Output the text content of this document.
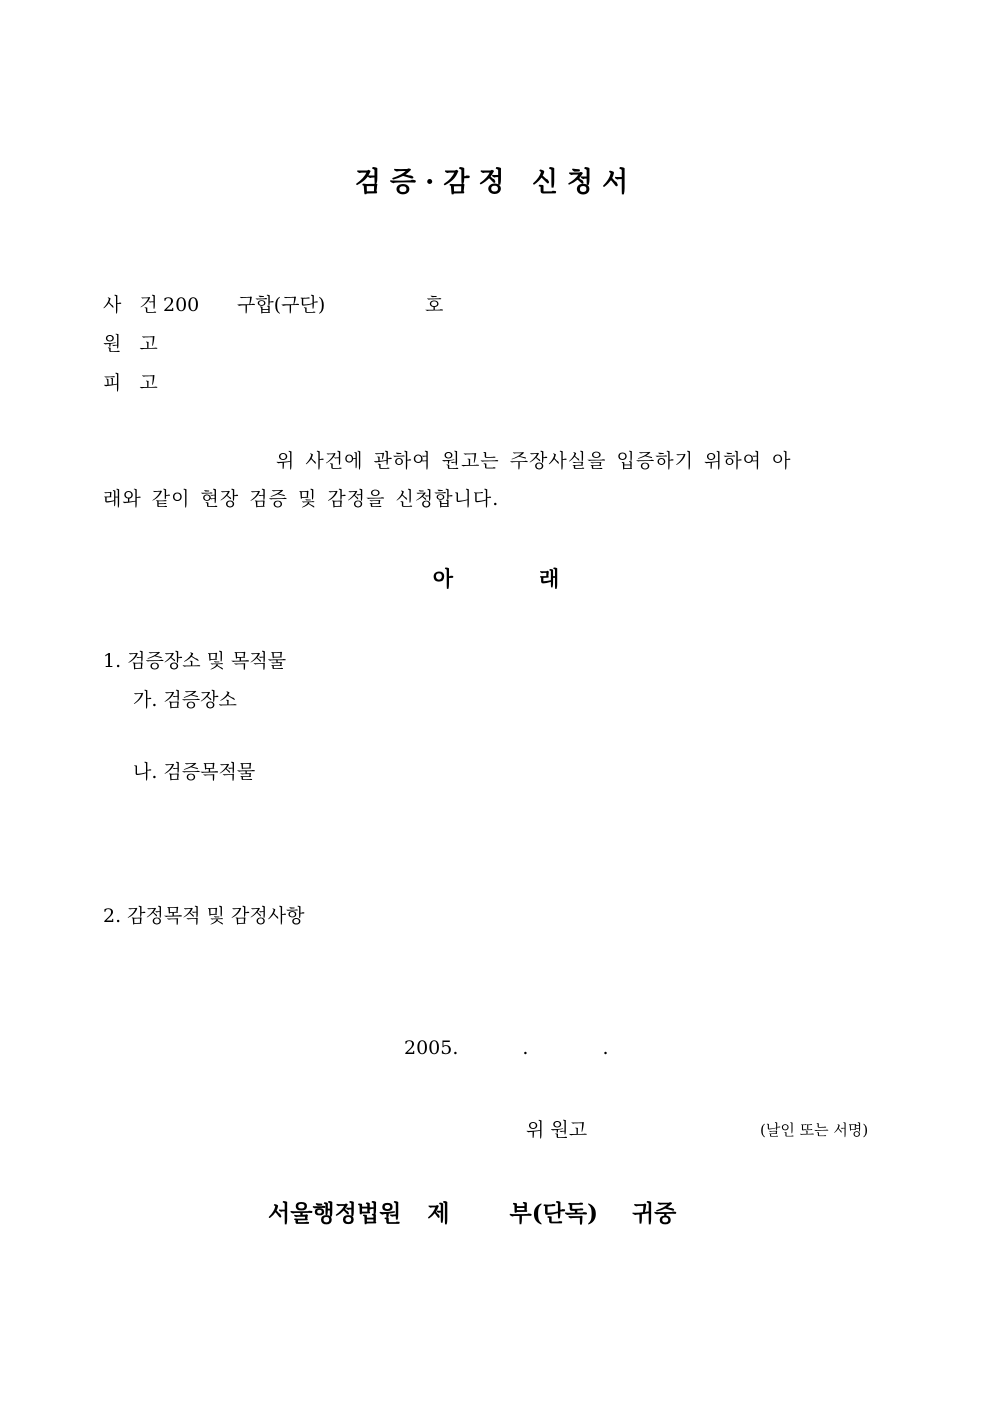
검증·감정 신청서
사 건200 구합(구단)	호
원 고
피 고
위 사건에 관하여 원고는 주장사실을 입증하기 위하여 아
래와 같이 현장 검증 및 감정을 신청합니다.
아	래
1. 검증장소 및 목적물
가. 검증장소
나. 검증목적물
2. 감정목적 및 감정사항
2005.	.	.
위 원고	(날인 또는 서명)
서울행정법원 제	부(단독) 귀중
